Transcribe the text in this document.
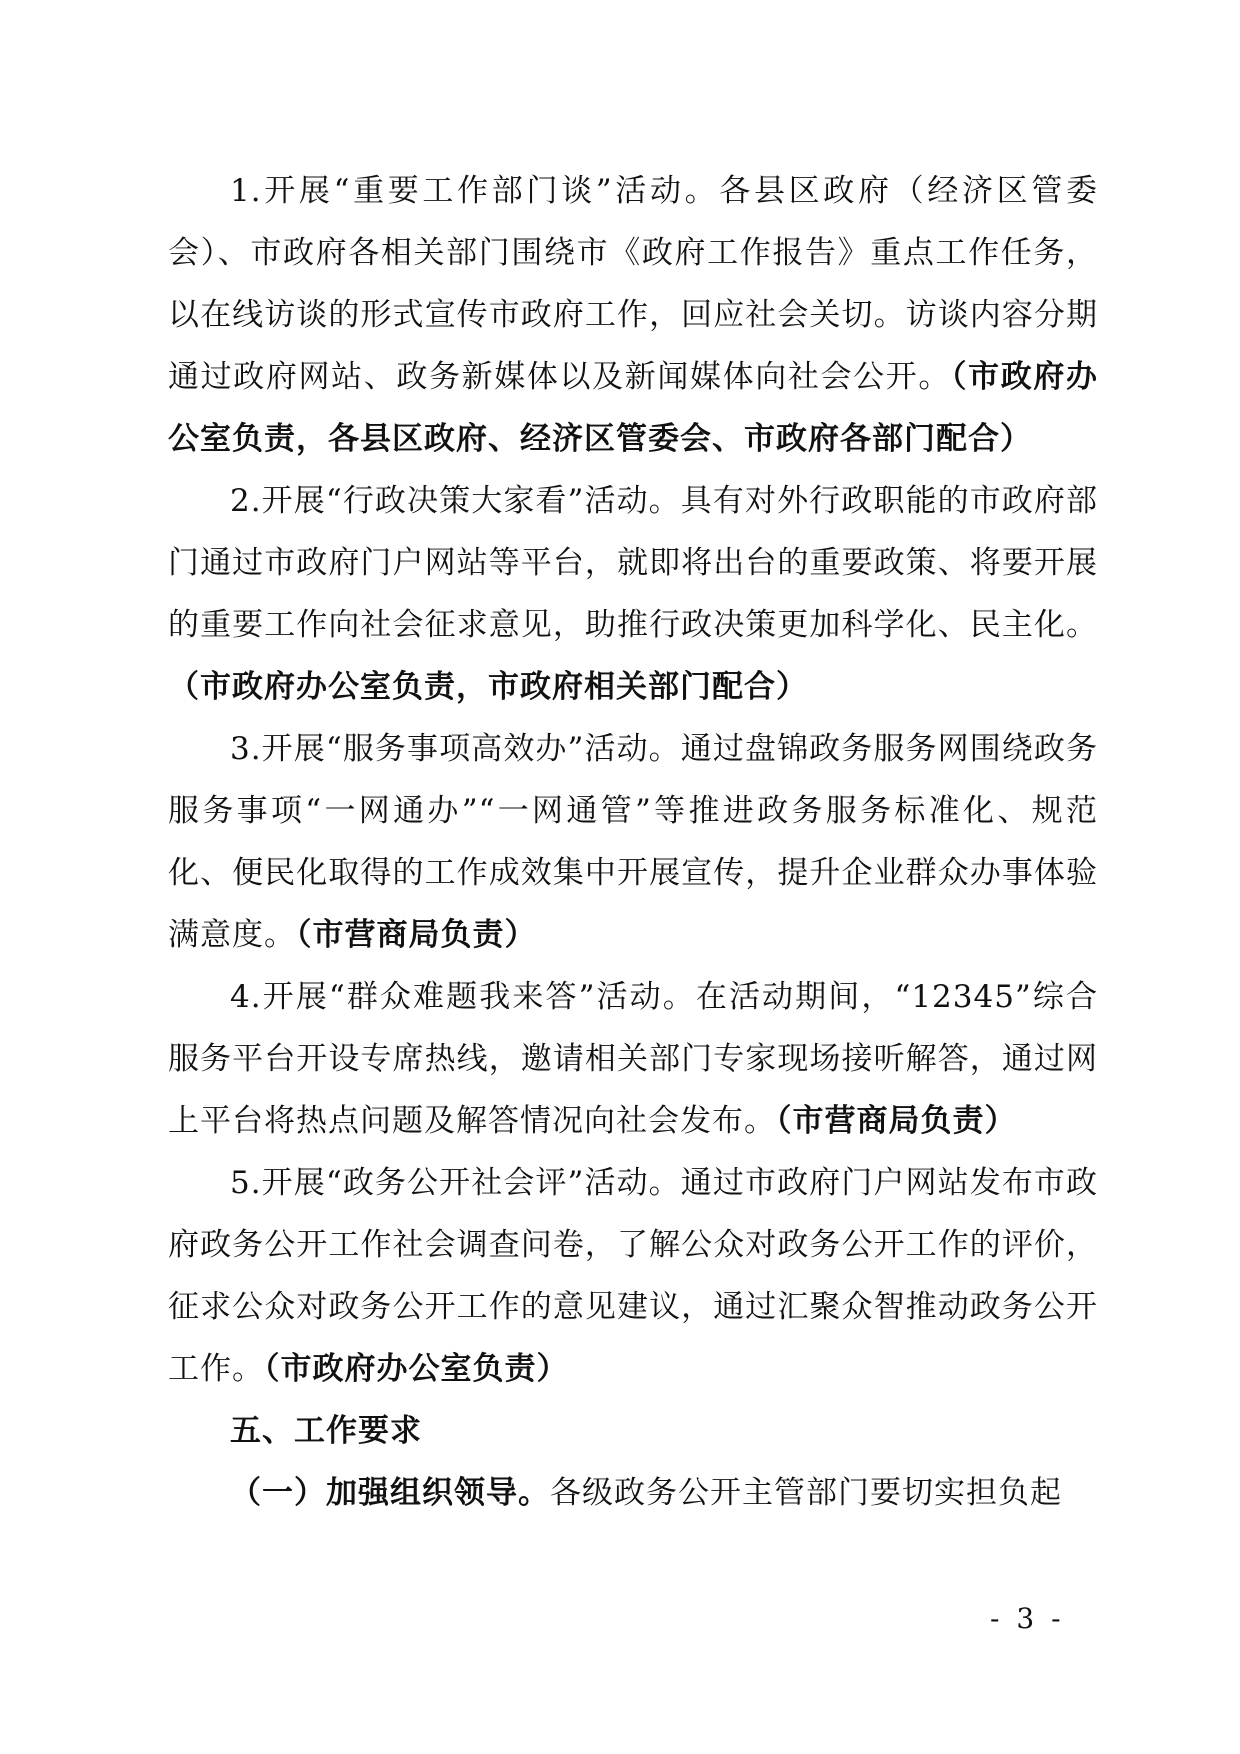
1.开展“重要工作部门谈”活动。各县区政府（经济区管委会）、市政府各相关部门围绕市《政府工作报告》重点工作任务，以在线访谈的形式宣传市政府工作，回应社会关切。访谈内容分期通过政府网站、政务新媒体以及新闻媒体向社会公开。（市政府办公室负责，各县区政府、经济区管委会、市政府各部门配合）

2.开展“行政决策大家看”活动。具有对外行政职能的市政府部门通过市政府门户网站等平台，就即将出台的重要政策、将要开展的重要工作向社会征求意见，助推行政决策更加科学化、民主化。（市政府办公室负责，市政府相关部门配合）

3.开展“服务事项高效办”活动。通过盘锦政务服务网围绕政务服务事项“一网通办”“一网通管”等推进政务服务标准化、规范化、便民化取得的工作成效集中开展宣传，提升企业群众办事体验满意度。（市营商局负责）

4.开展“群众难题我来答”活动。在活动期间，“12345”综合服务平台开设专席热线，邀请相关部门专家现场接听解答，通过网上平台将热点问题及解答情况向社会发布。（市营商局负责）

5.开展“政务公开社会评”活动。通过市政府门户网站发布市政府政务公开工作社会调查问卷，了解公众对政务公开工作的评价，征求公众对政务公开工作的意见建议，通过汇聚众智推动政务公开工作。（市政府办公室负责）

五、工作要求

（一）加强组织领导。各级政务公开主管部门要切实担负起

- 3 -
